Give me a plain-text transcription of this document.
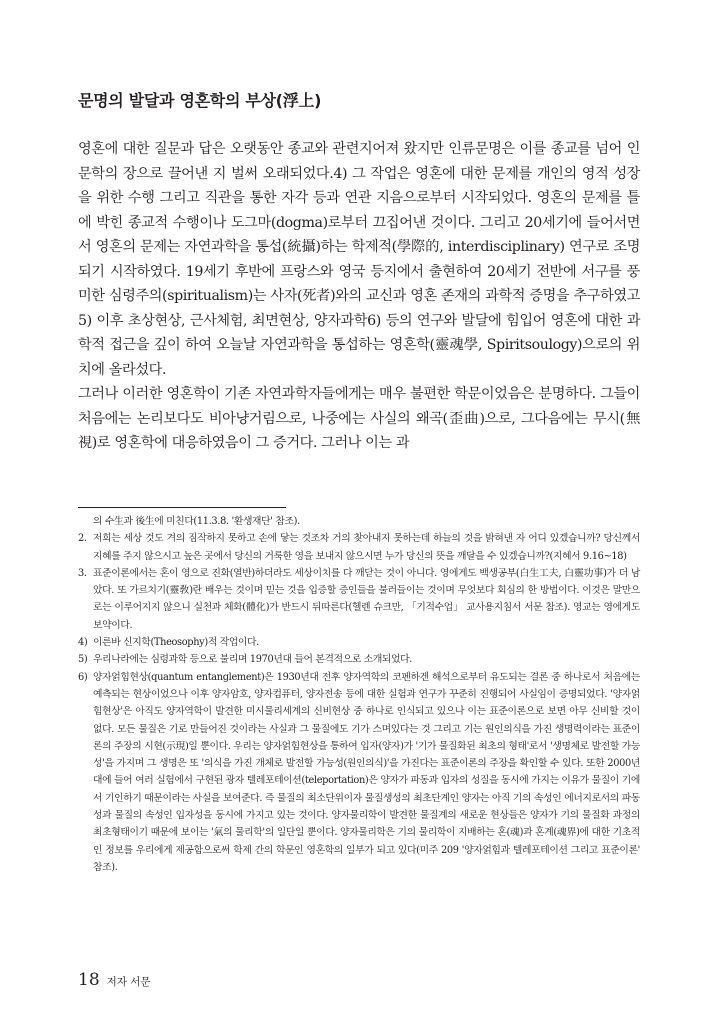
문명의 발달과 영혼학의 부상(浮上)

영혼에 대한 질문과 답은 오랫동안 종교와 관련지어져 왔지만 인류문명은 이를 종교를 넘어 인문학의 장으로 끌어낸 지 벌써 오래되었다.4) 그 작업은 영혼에 대한 문제를 개인의 영적 성장을 위한 수행 그리고 직관을 통한 자각 등과 연관 지음으로부터 시작되었다. 영혼의 문제를 틀에 박힌 종교적 수행이나 도그마(dogma)로부터 끄집어낸 것이다. 그리고 20세기에 들어서면서 영혼의 문제는 자연과학을 통섭(統攝)하는 학제적(學際的, interdisciplinary) 연구로 조명되기 시작하였다. 19세기 후반에 프랑스와 영국 등지에서 출현하여 20세기 전반에 서구를 풍미한 심령주의(spiritualism)는 사자(死者)와의 교신과 영혼 존재의 과학적 증명을 추구하였고5) 이후 초상현상, 근사체험, 최면현상, 양자과학6) 등의 연구와 발달에 힘입어 영혼에 대한 과학적 접근을 깊이 하여 오늘날 자연과학을 통섭하는 영혼학(靈魂學, Spiritsoulogy)으로의 위치에 올라섰다.

그러나 이러한 영혼학이 기존 자연과학자들에게는 매우 불편한 학문이었음은 분명하다. 그들이 처음에는 논리보다도 비아냥거림으로, 나중에는 사실의 왜곡(歪曲)으로, 그다음에는 무시(無視)로 영혼학에 대응하였음이 그 증거다. 그러나 이는 과

의 수生과 後生에 미친다(11.3.8. '환생재단' 참조).
2. 저희는 세상 것도 겨의 짐작하지 못하고 손에 닿는 것조차 거의 찾아내지 못하는데 하늘의 것을 밝혀낸 자 어디 있겠습니까? 당신께서 지혜를 주지 않으시고 높은 곳에서 당신의 거룩한 영을 보내지 않으시면 누가 당신의 뜻을 깨달을 수 있겠습니까?(지혜서 9.16~18)
3. 표준이론에서는 혼이 영으로 진화(열반)하더라도 세상이치를 다 깨닫는 것이 아니다. 영에게도 백생공부(白生工夫, 白靈功事)가 더 남았다. 또 가르치기(靈敎)란 배우는 것이며 믿는 것을 입증할 증인들을 불러들이는 것이며 무엇보다 회심의 한 방법이다. 이것은 말만으로는 이루어지지 않으니 실천과 체화(體化)가 반드시 뒤따른다(헬렌 슈크만, 「기적수업」 교사용지침서 서문 참조). 영교는 영에게도 보약이다.
4) 이른바 신지학(Theosophy)적 작업이다.
5) 우리나라에는 심령과학 등으로 불리며 1970년대 들어 본격적으로 소개되었다.
6) 양자얽힘현상(quantum entanglement)은 1930년대 전후 양자역학의 코펜하겐 해석으로부터 유도되는 결론 중 하나로서 처음에는 예측되는 현상이었으나 이후 양자암호, 양자컴퓨터, 양자전송 등에 대한 실험과 연구가 꾸준히 진행되어 사실임이 증명되었다. '양자얽힘현상'은 아직도 양자역학이 발견한 미시물리세계의 신비현상 중 하나로 인식되고 있으나 이는 표준이론으로 보면 아무 신비할 것이 없다. 모든 물질은 기로 만들어진 것이라는 사실과 그 물질에도 기가 스며있다는 것 그리고 기는 원인의식을 가진 생명력이라는 표준이론의 주장의 시현(示現)일 뿐이다. 우리는 양자얽힘현상을 통하여 입자(양자)가 '기가 물질화된 최초의 형태'로서 '생명체로 발전할 가능성'을 가지며 그 생명은 또 '의식을 가진 개체로 발전할 가능성(원인의식)'을 가진다는 표준이론의 주장을 확인할 수 있다. 또한 2000년대에 들어 여러 실험에서 구현된 광자 텔레포테이션(teleportation)은 양자가 파동과 입자의 성질을 동시에 가지는 이유가 물질이 기에서 기인하기 때문이라는 사실을 보여준다. 즉 물질의 최소단위이자 물질생성의 최초단계인 양자는 아직 기의 속성인 에너지로서의 파동성과 물질의 속성인 입자성을 동시에 가지고 있는 것이다. 양자물리학이 발견한 물질계의 새로운 현상들은 양자가 기의 물질화 과정의 최초형태이기 때문에 보이는 '氣의 물리학'의 일단일 뿐이다. 양자물리학은 기의 물리학이 지배하는 혼(魂)과 혼계(魂界)에 대한 기초적인 정보를 우리에게 제공함으로써 학제 간의 학문인 영혼학의 일부가 되고 있다(미주 209 '양자얽힘과 텔레포테이션 그리고 표준이론' 참조).
18 저자 서문
